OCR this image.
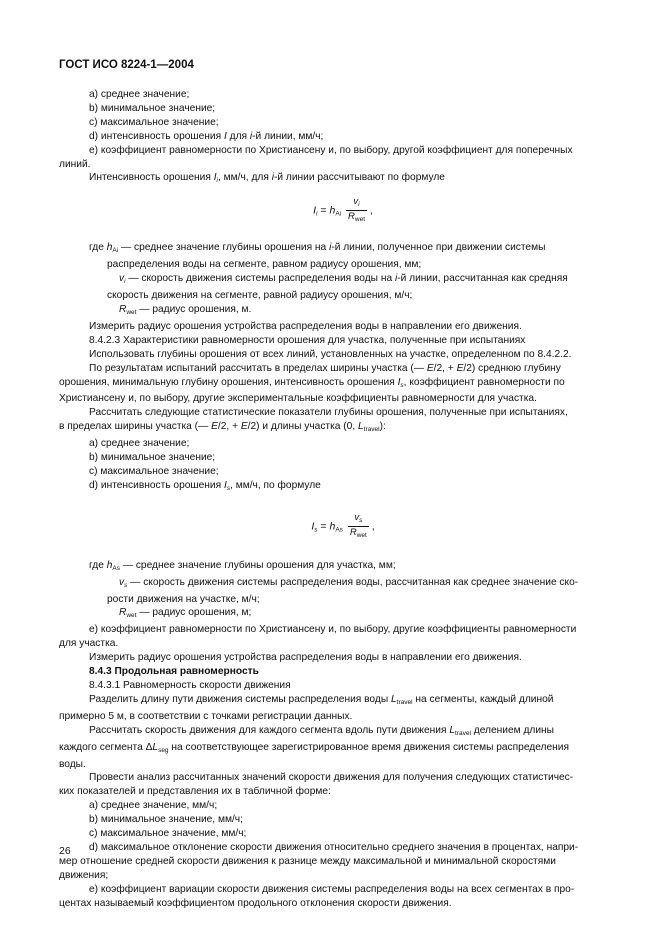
ГОСТ ИСО 8224-1—2004

a) среднее значение;

b) минимальное значение;

c) максимальное значение;

d) интенсивность орошения I для i-й линии, мм/ч;

e) коэффициент равномерности по Христиансену и, по выбору, другой коэффициент для поперечных

линий.

Интенсивность орошения $I_i$, мм/ч, для i-й линии рассчитывают по формуле

$I_i = h_{Ai} \frac{v_i}{R_{wet}}$ ,

где $h_{Ai}$ — среднее значение глубины орошения на i-й линии, полученное при движении системы

распределения воды на сегменте, равном радиусу орошения, мм;

$v_i$ — скорость движения системы распределения воды на i-й линии, рассчитанная как средняя

скорость движения на сегменте, равной радиусу орошения, м/ч;

$R_{wet}$ — радиус орошения, м.

Измерить радиус орошения устройства распределения воды в направлении его движения.

8.4.2.3 Характеристики равномерности орошения для участка, полученные при испытаниях

Использовать глубины орошения от всех линий, установленных на участке, определенном по 8.4.2.2.

По результатам испытаний рассчитать в пределах ширины участка (— E/2, + E/2) среднюю глубину

орошения, минимальную глубину орошения, интенсивность орошения $I_s$, коэффициент равномерности по

Христиансену и, по выбору, другие экспериментальные коэффициенты равномерности для участка.

Рассчитать следующие статистические показатели глубины орошения, полученные при испытаниях,

в пределах ширины участка (— E/2, + E/2) и длины участка (0, $L_{travel}$):

a) среднее значение;

b) минимальное значение;

c) максимальное значение;

d) интенсивность орошения $I_s$, мм/ч, по формуле

$I_s = h_{As} \frac{v_s}{R_{wet}}$ ,

где $h_{As}$ — среднее значение глубины орошения для участка, мм;

$v_s$ — скорость движения системы распределения воды, рассчитанная как среднее значение ско-

рости движения на участке, м/ч;

$R_{wet}$ — радиус орошения, м;

e) коэффициент равномерности по Христиансену и, по выбору, другие коэффициенты равномерности

для участка.

Измерить радиус орошения устройства распределения воды в направлении его движения.

8.4.3 Продольная равномерность

8.4.3.1 Равномерность скорости движения

Разделить длину пути движения системы распределения воды $L_{travel}$ на сегменты, каждый длиной

примерно 5 м, в соответствии с точками регистрации данных.

Рассчитать скорость движения для каждого сегмента вдоль пути движения $L_{travel}$ делением длины

каждого сегмента $\Delta L_{seg}$ на соответствующее зарегистрированное время движения системы распределения

воды.

Провести анализ рассчитанных значений скорости движения для получения следующих статистичес-

ких показателей и представления их в табличной форме:

a) среднее значение, мм/ч;

b) минимальное значение, мм/ч;

c) максимальное значение, мм/ч;

d) максимальное отклонение скорости движения относительно среднего значения в процентах, напри-

мер отношение средней скорости движения к разнице между максимальной и минимальной скоростями

движения;

e) коэффициент вариации скорости движения системы распределения воды на всех сегментах в про-

центах называемый коэффициентом продольного отклонения скорости движения.

26
